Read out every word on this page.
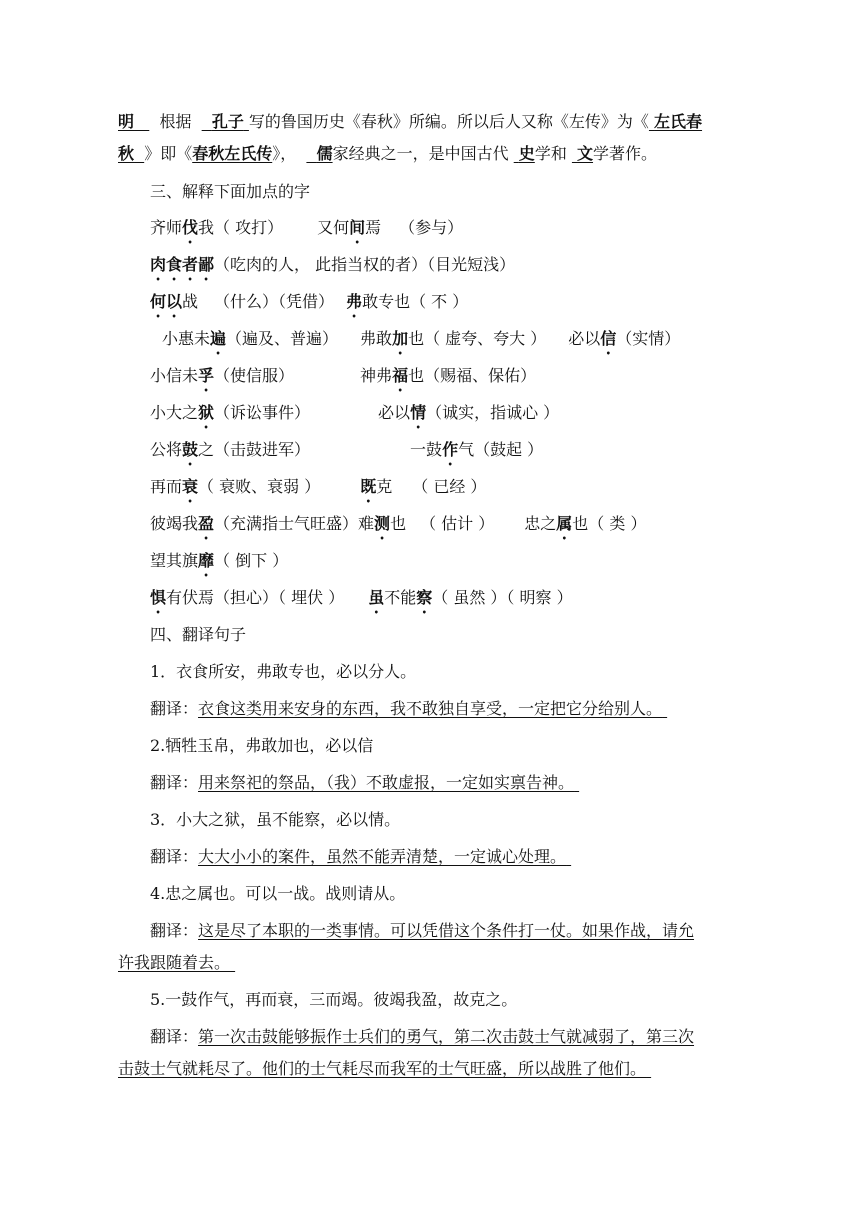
明 根据 孔子 写的鲁国历史《春秋》所编。所以后人又称《左传》为《 左氏春
秋 》即《春秋左氏传》， 儒家经典之一，是中国古代 史学和 文学著作。
三、解释下面加点的字
齐师伐我（ 攻打） 又何间焉 （参与）
肉食者鄙（吃肉的人， 此指当权的者）（目光短浅）
何以战 （什么）（凭借） 弗敢专也（ 不 ）
小惠未遍（遍及、普遍） 弗敢加也（ 虚夸、夸大 ） 必以信（实情）
小信未孚（使信服）	神弗福也（赐福、保佑）
小大之狱（诉讼事件）	必以情（诚实，指诚心 ）
公将鼓之（击鼓进军）	一鼓作气（鼓起 ）
再而衰（ 衰败、衰弱 ）	既克 （ 已经 ）
彼竭我盈（充满指士气旺盛）难测也 （ 估计 ） 忠之属也（ 类 ）
望其旗靡（ 倒下 ）
惧有伏焉（担心）（ 埋伏 ） 虽不能察（ 虽然 ）（ 明察 ）
四、翻译句子
1．衣食所安，弗敢专也，必以分人。
翻译：衣食这类用来安身的东西，我不敢独自享受，一定把它分给别人。
2.牺牲玉帛，弗敢加也，必以信
翻译：用来祭祀的祭品，（我）不敢虚报，一定如实禀告神。
3．小大之狱，虽不能察，必以情。
翻译：大大小小的案件，虽然不能弄清楚，一定诚心处理。
4.忠之属也。可以一战。战则请从。
翻译：这是尽了本职的一类事情。可以凭借这个条件打一仗。如果作战，请允
许我跟随着去。
5.一鼓作气，再而衰，三而竭。彼竭我盈，故克之。
翻译：第一次击鼓能够振作士兵们的勇气，第二次击鼓士气就减弱了，第三次
击鼓士气就耗尽了。他们的士气耗尽而我军的士气旺盛，所以战胜了他们。
